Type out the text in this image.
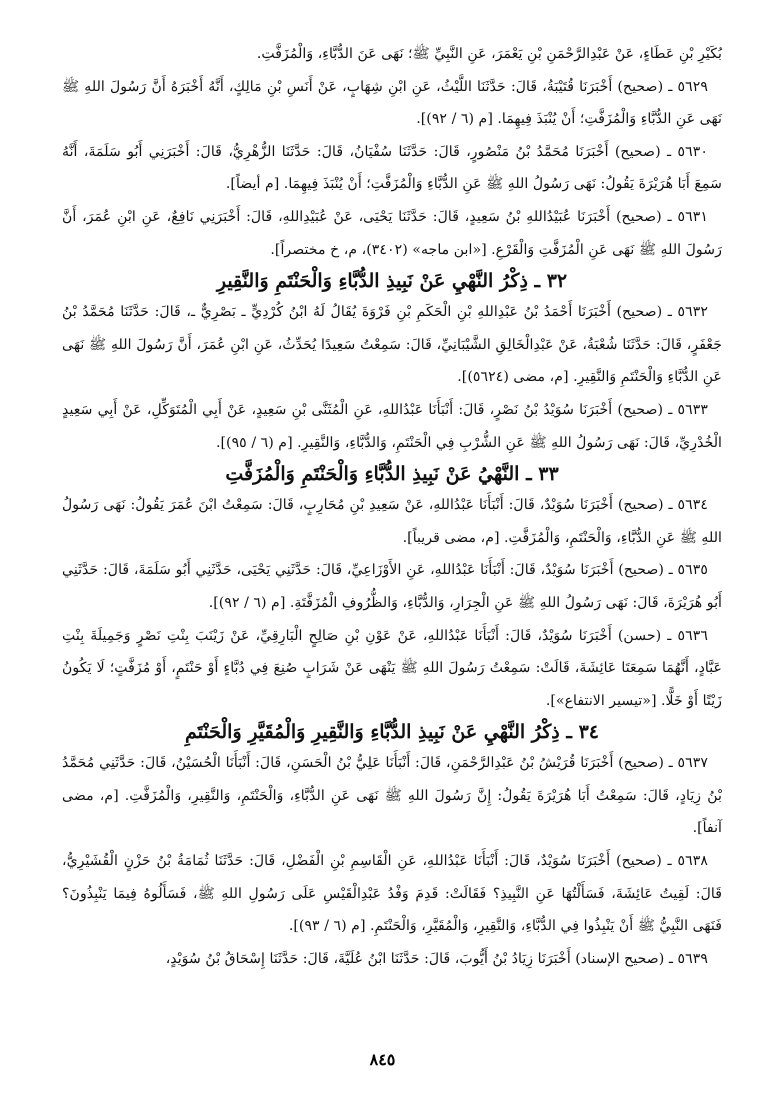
بُكَيْرِ بْنِ عَطَاءٍ، عَنْ عَبْدِالرَّحْمَنِ بْنِ يَعْمَرَ، عَنِ النَّبِيِّ ﷺ؛ نَهَى عَنَ الدُّبَّاءِ، وَالْمُزَفَّتِ.

٥٦٢٩ ـ (صحيح) أَخْبَرَنَا قُتَيْبَةُ، قَالَ: حَدَّثَنَا اللَّيْثُ، عَنِ ابْنِ شِهَابٍ، عَنْ أَنَسِ بْنِ مَالِكٍ، أَنَّهُ أَخْبَرَهُ أَنَّ رَسُولَ اللهِ ﷺ نَهَى عَنِ الدُّبَّاءِ وَالْمُزَفَّتِ؛ أَنْ يُنْبَذَ فِيهِمَا. [م (٦ / ٩٢)].

٥٦٣٠ ـ (صحيح) أَخْبَرَنَا مُحَمَّدُ بْنُ مَنْصُورٍ، قَالَ: حَدَّثَنَا سُفْيَانُ، قَالَ: حَدَّثَنَا الزُّهْرِيُّ، قَالَ: أَخْبَرَنِي أَبُو سَلَمَةَ، أَنَّهُ سَمِعَ أَبَا هُرَيْرَةَ يَقُولُ: نَهَى رَسُولُ اللهِ ﷺ عَنِ الدُّبَّاءِ وَالْمُزَفَّتِ؛ أَنْ يُنْبَذَ فِيهِمَا. [م أيضاً].

٥٦٣١ ـ (صحيح) أَخْبَرَنَا عُبَيْدُاللهِ بْنُ سَعِيدٍ، قَالَ: حَدَّثَنَا يَحْيَى، عَنْ عُبَيْدِاللهِ، قَالَ: أَخْبَرَنِي نَافِعٌ، عَنِ ابْنِ عُمَرَ، أَنَّ رَسُولَ اللهِ ﷺ نَهَى عَنِ الْمُزَفَّتِ وَالْقَرْعِ. [«ابن ماجه» (٣٤٠٢)، م، خ مختصراً].

٣٢ ـ ذِكْرُ النَّهْيِ عَنْ نَبِيذِ الدُّبَّاءِ وَالْحَنْتَمِ وَالنَّقِيرِ

٥٦٣٢ ـ (صحيح) أَخْبَرَنَا أَحْمَدُ بْنُ عَبْدِاللهِ بْنِ الْحَكَمِ بْنِ فَرْوَةَ يُقَالُ لَهُ ابْنُ كُرْدِيٍّ ـ بَصْرِيٌّ ـ، قَالَ: حَدَّثَنَا مُحَمَّدُ بْنُ جَعْفَرٍ، قَالَ: حَدَّثَنَا شُعْبَةُ، عَنْ عَبْدِالْخَالِقِ الشَّيْبَانِيِّ، قَالَ: سَمِعْتُ سَعِيدًا يُحَدِّثُ، عَنِ ابْنِ عُمَرَ، أَنَّ رَسُولَ اللهِ ﷺ نَهَى عَنِ الدُّبَّاءِ وَالْحَنْتَمِ وَالنَّقِيرِ. [م، مضى (٥٦٢٤)].

٥٦٣٣ ـ (صحيح) أَخْبَرَنَا سُوَيْدُ بْنُ نَصْرٍ، قَالَ: أَنْبَأَنَا عَبْدُاللهِ، عَنِ الْمُثَنَّى بْنِ سَعِيدٍ، عَنْ أَبِي الْمُتَوَكِّلِ، عَنْ أَبِي سَعِيدٍ الْخُدْرِيِّ، قَالَ: نَهَى رَسُولُ اللهِ ﷺ عَنِ الشُّرْبِ فِي الْحَنْتَمِ، وَالدُّبَّاءِ، وَالنَّقِيرِ. [م (٦ / ٩٥)].

٣٣ ـ النَّهْيُ عَنْ نَبِيذِ الدُّبَّاءِ وَالْحَنْتَمِ وَالْمُزَفَّتِ

٥٦٣٤ ـ (صحيح) أَخْبَرَنَا سُوَيْدٌ، قَالَ: أَنْبَأَنَا عَبْدُاللهِ، عَنْ سَعِيدِ بْنِ مُحَارِبٍ، قَالَ: سَمِعْتُ ابْنَ عُمَرَ يَقُولُ: نَهَى رَسُولُ اللهِ ﷺ عَنِ الدُّبَّاءِ، وَالْحَنْتَمِ، وَالْمُزَفَّتِ. [م، مضى قريباً].

٥٦٣٥ ـ (صحيح) أَخْبَرَنَا سُوَيْدٌ، قَالَ: أَنْبَأَنَا عَبْدُاللهِ، عَنِ الأَوْزَاعِيِّ، قَالَ: حَدَّثَنِي يَحْيَى، حَدَّثَنِي أَبُو سَلَمَةَ، قَالَ: حَدَّثَنِي أَبُو هُرَيْرَةَ، قَالَ: نَهَى رَسُولُ اللهِ ﷺ عَنِ الْجِرَارِ، وَالدُّبَّاءِ، وَالظُّرُوفِ الْمُزَفَّتَةِ. [م (٦ / ٩٢)].

٥٦٣٦ ـ (حسن) أَخْبَرَنَا سُوَيْدٌ، قَالَ: أَنْبَأَنَا عَبْدُاللهِ، عَنْ عَوْنِ بْنِ صَالِحٍ الْبَارِقِيِّ، عَنْ زَيْنَبَ بِنْتِ نَصْرٍ وَجَمِيلَةَ بِنْتِ عَبَّادٍ، أَنَّهُمَا سَمِعَتَا عَائِشَةَ، قَالَتْ: سَمِعْتُ رَسُولَ اللهِ ﷺ يَنْهَى عَنْ شَرَابٍ صُنِعَ فِي دُبَّاءٍ أَوْ حَنْتَمٍ، أَوْ مُزَفَّتٍ؛ لَا يَكُونُ زَيْتًا أَوْ خَلًّا. [«تيسير الانتفاع»].

٣٤ ـ ذِكْرُ النَّهْيِ عَنْ نَبِيذِ الدُّبَّاءِ وَالنَّقِيرِ وَالْمُقَيَّرِ وَالْحَنْتَمِ

٥٦٣٧ ـ (صحيح) أَخْبَرَنَا قُرَيْشُ بْنُ عَبْدِالرَّحْمَنِ، قَالَ: أَنْبَأَنَا عَلِيُّ بْنُ الْحَسَنِ، قَالَ: أَنْبَأَنَا الْحُسَيْنُ، قَالَ: حَدَّثَنِي مُحَمَّدُ بْنُ زِيَادٍ، قَالَ: سَمِعْتُ أَبَا هُرَيْرَةَ يَقُولُ: إِنَّ رَسُولَ اللهِ ﷺ نَهَى عَنِ الدُّبَّاءِ، وَالْحَنْتَمِ، وَالنَّقِيرِ، وَالْمُزَفَّتِ. [م، مضى آنفاً].

٥٦٣٨ ـ (صحيح) أَخْبَرَنَا سُوَيْدٌ، قَالَ: أَنْبَأَنَا عَبْدُاللهِ، عَنِ الْقَاسِمِ بْنِ الْفَضْلِ، قَالَ: حَدَّثَنَا ثُمَامَةُ بْنُ حَزْنٍ الْقُشَيْرِيُّ، قَالَ: لَقِيتُ عَائِشَةَ، فَسَأَلْتُهَا عَنِ النَّبِيذِ؟ فَقَالَتْ: قَدِمَ وَفْدُ عَبْدِالْقَيْسِ عَلَى رَسُولِ اللهِ ﷺ، فَسَأَلُوهُ فِيمَا يَنْبِذُونَ؟ فَنَهَى النَّبِيُّ ﷺ أَنْ يَنْبِذُوا فِي الدُّبَّاءِ، وَالنَّقِيرِ، وَالْمُقَيَّرِ، وَالْحَنْتَمِ. [م (٦ / ٩٣)].

٥٦٣٩ ـ (صحيح الإسناد) أَخْبَرَنَا زِيَادُ بْنُ أَيُّوبَ، قَالَ: حَدَّثَنَا ابْنُ عُلَيَّةَ، قَالَ: حَدَّثَنَا إِسْحَاقُ بْنُ سُوَيْدٍ،

٨٤٥
